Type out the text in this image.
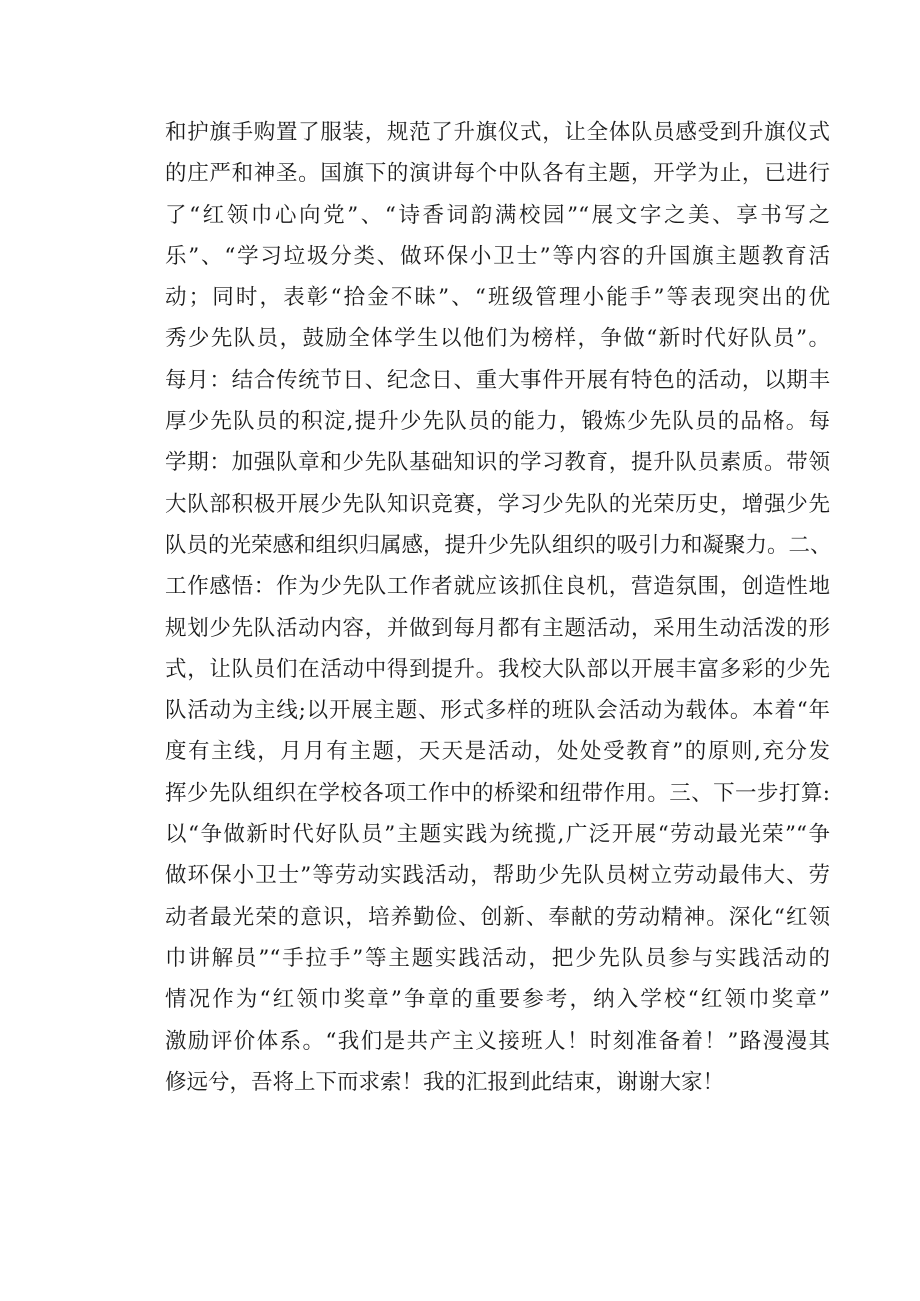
和护旗手购置了服装，规范了升旗仪式，让全体队员感受到升旗仪式
的庄严和神圣。国旗下的演讲每个中队各有主题，开学为止，已进行
了“红领巾心向党”、“诗香词韵满校园”“展文字之美、享书写之
乐”、“学习垃圾分类、做环保小卫士”等内容的升国旗主题教育活
动；同时，表彰“拾金不昧”、“班级管理小能手”等表现突出的优
秀少先队员，鼓励全体学生以他们为榜样，争做“新时代好队员”。
每月：结合传统节日、纪念日、重大事件开展有特色的活动，以期丰
厚少先队员的积淀,提升少先队员的能力，锻炼少先队员的品格。每
学期：加强队章和少先队基础知识的学习教育，提升队员素质。带领
大队部积极开展少先队知识竞赛，学习少先队的光荣历史，增强少先
队员的光荣感和组织归属感，提升少先队组织的吸引力和凝聚力。二、
工作感悟：作为少先队工作者就应该抓住良机，营造氛围，创造性地
规划少先队活动内容，并做到每月都有主题活动，采用生动活泼的形
式，让队员们在活动中得到提升。我校大队部以开展丰富多彩的少先
队活动为主线;以开展主题、形式多样的班队会活动为载体。本着“年
度有主线，月月有主题，天天是活动，处处受教育”的原则,充分发
挥少先队组织在学校各项工作中的桥梁和纽带作用。三、下一步打算:
以“争做新时代好队员”主题实践为统揽,广泛开展“劳动最光荣”“争
做环保小卫士”等劳动实践活动，帮助少先队员树立劳动最伟大、劳
动者最光荣的意识，培养勤俭、创新、奉献的劳动精神。深化“红领
巾讲解员”“手拉手”等主题实践活动，把少先队员参与实践活动的
情况作为“红领巾奖章”争章的重要参考，纳入学校“红领巾奖章”
激励评价体系。“我们是共产主义接班人！时刻准备着！”路漫漫其
修远兮，吾将上下而求索！我的汇报到此结束，谢谢大家！
